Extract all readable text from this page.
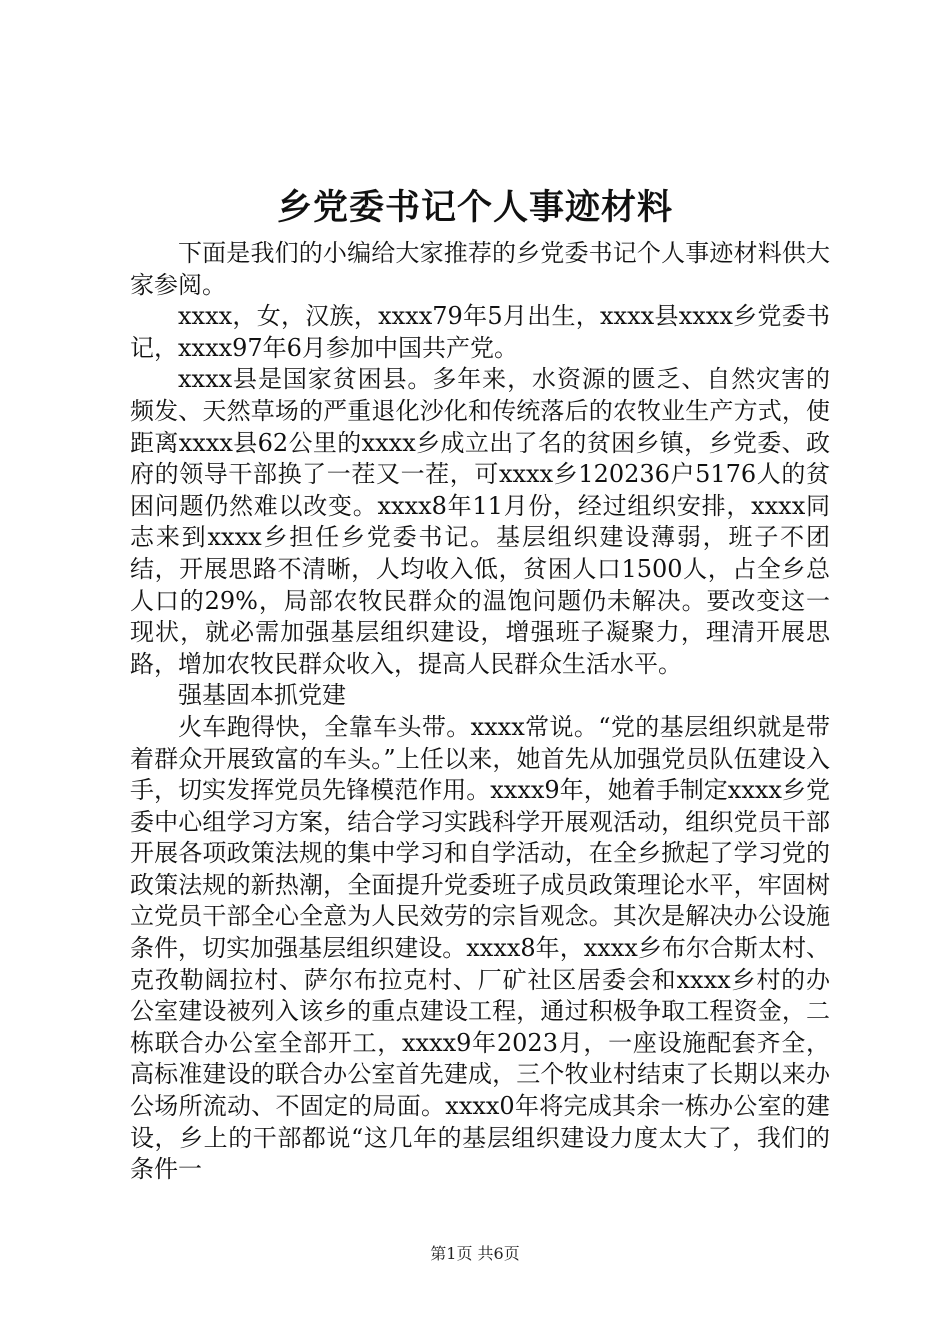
乡党委书记个人事迹材料

下面是我们的小编给大家推荐的乡党委书记个人事迹材料供大家参阅。

xxxx，女，汉族，xxxx79年5月出生，xxxx县xxxx乡党委书记，xxxx97年6月参加中国共产党。

xxxx县是国家贫困县。多年来，水资源的匮乏、自然灾害的频发、天然草场的严重退化沙化和传统落后的农牧业生产方式，使距离xxxx县62公里的xxxx乡成立出了名的贫困乡镇，乡党委、政府的领导干部换了一茬又一茬，可xxxx乡120236户5176人的贫困问题仍然难以改变。xxxx8年11月份，经过组织安排，xxxx同志来到xxxx乡担任乡党委书记。基层组织建设薄弱，班子不团结，开展思路不清晰，人均收入低，贫困人口1500人，占全乡总人口的29%，局部农牧民群众的温饱问题仍未解决。要改变这一现状，就必需加强基层组织建设，增强班子凝聚力，理清开展思路，增加农牧民群众收入，提高人民群众生活水平。

强基固本抓党建

火车跑得快，全靠车头带。xxxx常说。“党的基层组织就是带着群众开展致富的车头。”上任以来，她首先从加强党员队伍建设入手，切实发挥党员先锋模范作用。xxxx9年，她着手制定xxxx乡党委中心组学习方案，结合学习实践科学开展观活动，组织党员干部开展各项政策法规的集中学习和自学活动，在全乡掀起了学习党的政策法规的新热潮，全面提升党委班子成员政策理论水平，牢固树立党员干部全心全意为人民效劳的宗旨观念。其次是解决办公设施条件，切实加强基层组织建设。xxxx8年，xxxx乡布尔合斯太村、克孜勒阔拉村、萨尔布拉克村、厂矿社区居委会和xxxx乡村的办公室建设被列入该乡的重点建设工程，通过积极争取工程资金，二栋联合办公室全部开工，xxxx9年2023月，一座设施配套齐全，高标准建设的联合办公室首先建成，三个牧业村结束了长期以来办公场所流动、不固定的局面。xxxx0年将完成其余一栋办公室的建设，乡上的干部都说“这几年的基层组织建设力度太大了，我们的条件一

第1页 共6页
